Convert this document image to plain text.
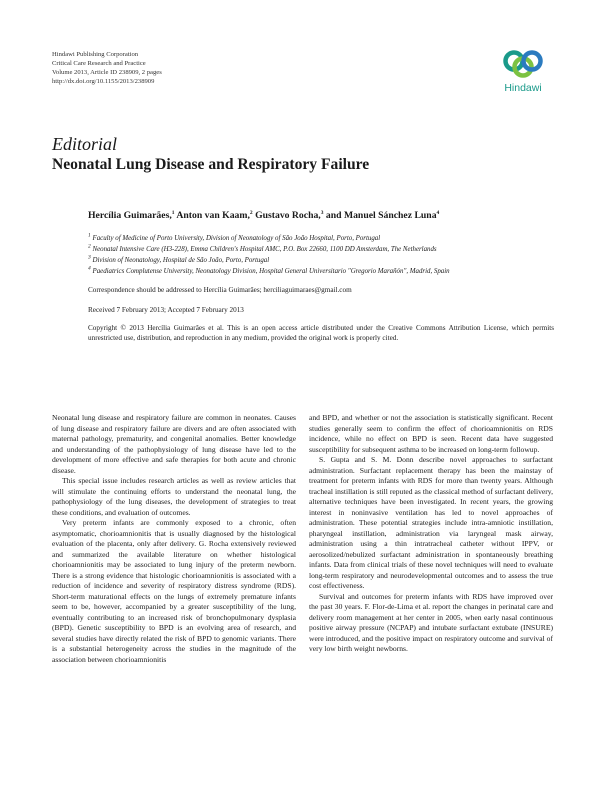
Hindawi Publishing Corporation
Critical Care Research and Practice
Volume 2013, Article ID 238909, 2 pages
http://dx.doi.org/10.1155/2013/238909
Hindawi
Editorial
Neonatal Lung Disease and Respiratory Failure
Hercília Guimarães,$^1$ Anton van Kaam,$^2$ Gustavo Rocha,$^3$ and Manuel Sánchez Luna$^4$
$^1$ Faculty of Medicine of Porto University, Division of Neonatology of São João Hospital, Porto, Portugal
$^2$ Neonatal Intensive Care (H3-228), Emma Children's Hospital AMC, P.O. Box 22660, 1100 DD Amsterdam, The Netherlands
$^3$ Division of Neonatology, Hospital de São João, Porto, Portugal
$^4$ Paediatrics Complutense University, Neonatology Division, Hospital General Universitario "Gregorio Marañón", Madrid, Spain
Correspondence should be addressed to Hercília Guimarães; herciliaguimaraes@gmail.com
Received 7 February 2013; Accepted 7 February 2013
Copyright © 2013 Hercília Guimarães et al. This is an open access article distributed under the Creative Commons Attribution License, which permits unrestricted use, distribution, and reproduction in any medium, provided the original work is properly cited.

Neonatal lung disease and respiratory failure are common in neonates. Causes of lung disease and respiratory failure are divers and are often associated with maternal pathology, prematurity, and congenital anomalies. Better knowledge and understanding of the pathophysiology of lung disease have led to the development of more effective and safe therapies for both acute and chronic disease.

This special issue includes research articles as well as review articles that will stimulate the continuing efforts to understand the neonatal lung, the pathophysiology of the lung diseases, the development of strategies to treat these conditions, and evaluation of outcomes.

Very preterm infants are commonly exposed to a chronic, often asymptomatic, chorioamnionitis that is usually diagnosed by the histological evaluation of the placenta, only after delivery. G. Rocha extensively reviewed and summarized the available literature on whether histological chorioamnionitis may be associated to lung injury of the preterm newborn. There is a strong evidence that histologic chorioamnionitis is associated with a reduction of incidence and severity of respiratory distress syndrome (RDS). Short-term maturational effects on the lungs of extremely premature infants seem to be, however, accompanied by a greater susceptibility of the lung, eventually contributing to an increased risk of bronchopulmonary dysplasia (BPD). Genetic susceptibility to BPD is an evolving area of research, and several studies have directly related the risk of BPD to genomic variants. There is a substantial heterogeneity across the studies in the magnitude of the association between chorioamnionitis

and BPD, and whether or not the association is statistically significant. Recent studies generally seem to confirm the effect of chorioamnionitis on RDS incidence, while no effect on BPD is seen. Recent data have suggested susceptibility for subsequent asthma to be increased on long-term followup.

S. Gupta and S. M. Donn describe novel approaches to surfactant administration. Surfactant replacement therapy has been the mainstay of treatment for preterm infants with RDS for more than twenty years. Although tracheal instillation is still reputed as the classical method of surfactant delivery, alternative techniques have been investigated. In recent years, the growing interest in noninvasive ventilation has led to novel approaches of administration. These potential strategies include intra-amniotic instillation, pharyngeal instillation, administration via laryngeal mask airway, administration using a thin intratracheal catheter without IPPV, or aerosolized/nebulized surfactant administration in spontaneously breathing infants. Data from clinical trials of these novel techniques will need to evaluate long-term respiratory and neurodevelopmental outcomes and to assess the true cost effectiveness.

Survival and outcomes for preterm infants with RDS have improved over the past 30 years. F. Flor-de-Lima et al. report the changes in perinatal care and delivery room management at her center in 2005, when early nasal continuous positive airway pressure (NCPAP) and intubate surfactant extubate (INSURE) were introduced, and the positive impact on respiratory outcome and survival of very low birth weight newborns.
